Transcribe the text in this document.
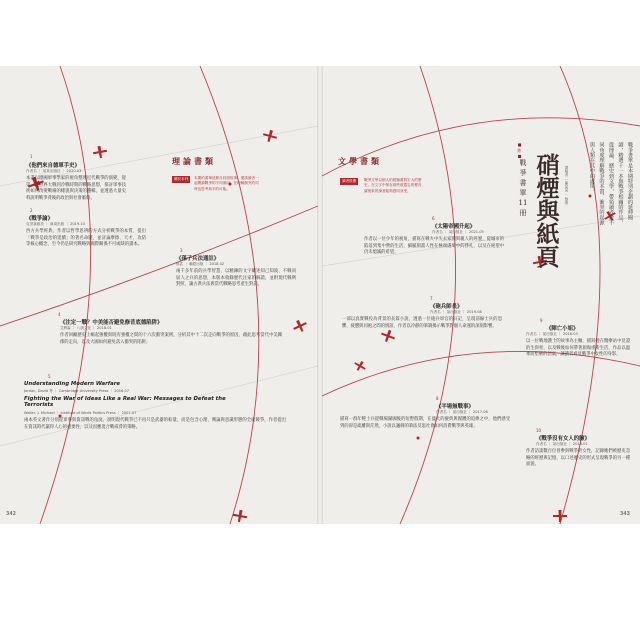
理論書類
1
《他們來自德軍手史》
作者名 ｜ 某某出版社 ｜ 2020.03
本書以德國軍事學家的視角整理近代戰爭的演變，從第一次世界大戰到冷戰時期的戰略思想，探討軍事技術如何改變戰場的樣貌與決策的邏輯，並透過大量史料說明戰爭背後的政治與社會脈絡。
關於本刊	本期的書單延伸自封面故事，邀請讀者一起閱讀戰爭的不同面向，在理解衝突的同時也思考和平的可能。
2
《戰爭論》
克勞塞維茨 ｜ 商周出版 ｜ 2019.10
西方兵學經典，作者以哲學思辨的方式分析戰爭的本質，提出「戰爭是政治的延續」的著名命題，並討論摩擦、天才、攻防等核心概念，至今仍是研究戰略與國際關係不可或缺的讀本。
3
《孫子兵法通註》
孫武 ｜ 聯經出版 ｜ 2018.02
兩千多年前的兵學智慧，以精鍊的文字闡述知己知彼、不戰而屈人之兵的思想，本版本收錄歷代注家的解讀，並附現代戰例對照，讓古典兵法與當代戰略思考產生對話。
4
《注定一戰？中美能否避免修昔底德陷阱》
艾利森 ｜ 八旗文化 ｜ 2018.01
作者回顧歷史上崛起強權與既有強權之間的十六次衝突案例，分析其中十二次走向戰爭的原因，藉此思考當代中美關係的走向，以及大國如何避免落入衝突的陷阱。
5
Understanding Modern Warfare
Jordan, David 等 ｜ Cambridge University Press ｜ 2016.07
Fighting the War of Ideas Like a Real War: Messages to Defeat the Terrorists
Waller, J. Michael ｜ Institute of World Politics Press ｜ 2007.07
兩本英文著作分別從軍事與資訊戰的角度，說明現代戰爭已不再只是武器的較量，而是包含心理、輿論與意識形態的全面競爭，作者提出在資訊時代贏得人心的重要性，以及因應混合戰威脅的策略。
342
文學書類
讀者推薦	戰爭文學以個人的經驗書寫宏大的歷史，在文字中保存那些被遺忘的聲音，讓後來的讀者能夠感同身受。
■ 書 ■
硝煙與紙頁
戰爭書單11冊
撰稿者 ｜ 陳某某 ｜ 整理	戰爭書單是本期特別企劃的延伸閱讀，精選十一本與戰爭相關的作品，從理論、歷史到文學，帶領讀者從不同角度理解戰爭的本質、衝突的起源與人類在其中的處境。
6
《太陽帝國升起》
作者名 ｜ 某出版社 ｜ 2021.05
作者以一位少年的視角，描寫在戰火中失去家園與親人的經歷，從城市的陷落到集中營的生活，細膩刻畫人性在極端處境中的掙扎，以及在絕望中仍未熄滅的希望。
7
《砲兵師長》
作者名 ｜ 某出版社 ｜ 2019.08
一部以真實戰役為背景的長篇小說，透過一位砲兵軍官的日記，呈現前線士兵的恐懼、疲憊與同袍之間的情誼，作者以冷靜的筆調揭示戰爭對個人命運的深刻影響。
8
《半場無戰事》
作者名 ｜ 某出版社 ｜ 2017.06
描寫一群年輕士兵從戰場歸國後的短暫假期，在盛大的慶典與媒體的追捧之中，他們感受到的卻是疏離與茫然，小說以諷刺的筆法反思社會如何消費戰爭與英雄。
9
《陣亡小姐》
作者名 ｜ 某出版社 ｜ 2016.03
以一位戰地護士的故事為主軸，描寫她在醫療站中見證的生與死，以及戰後如何帶著創傷重新生活，作品以溫柔而堅韌的語氣，讓讀者看見戰爭中女性的身影。
10
《戰爭沒有女人的臉》
作者名 ｜ 某出版社 ｜ 2016.01
作者訪談數百位曾參與戰爭的女性，記錄她們被歷史忽略的經歷與記憶，以口述歷史的形式呈現戰爭的另一種面貌。
343
